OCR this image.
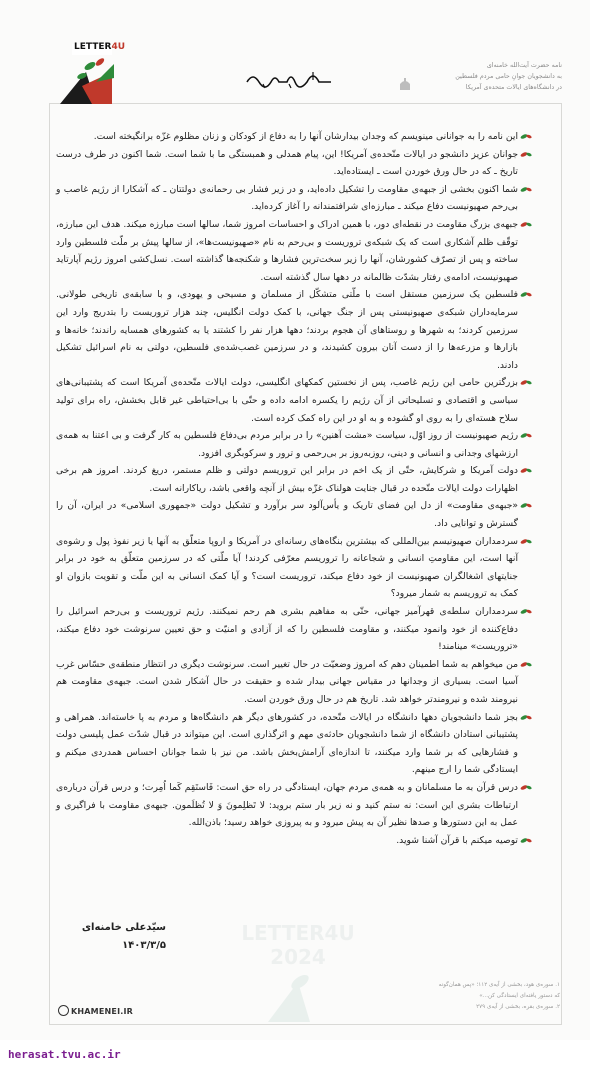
LETTER4U
نامه حضرت آیت‌الله خامنه‌ای
به دانشجویان جوانِ حامی مردم فلسطین
در دانشگاه‌های ایالات متحده‌ی آمریکا
این نامه را به جوانانی مینویسم که وجدان بیدارشان آنها را به دفاع از کودکان و زنان مظلوم غزّه برانگیخته است.
جوانان عزیز دانشجو در ایالات متّحده‌ی آمریکا! این، پیام همدلی و همبستگی ما با شما است. شما اکنون در طرف درست تاریخ ـ که در حال ورق خوردن است ـ ایستاده‌اید.
شما اکنون بخشی از جبهه‌ی مقاومت را تشکیل داده‌اید، و در زیر فشار بی رحمانه‌ی دولتتان ـ که آشکارا از رژیم غاصب و بی‌رحم صهیونیست دفاع میکند ـ مبارزه‌ای شرافتمندانه را آغاز کرده‌اید.
جبهه‌ی بزرگ مقاومت در نقطه‌ای دور، با همین ادراک و احساسات امروز شما، سالها است مبارزه میکند. هدف این مبارزه، توقّف ظلم آشکاری است که یک شبکه‌ی تروریست و بی‌رحم به نام «صهیونیست‌ها»، از سالها پیش بر ملّت فلسطین وارد ساخته و پس از تصرّف کشورشان، آنها را زیر سخت‌ترین فشارها و شکنجه‌ها گذاشته است. نسل‌کشی امروز رژیم آپارتاید صهیونیست، ادامه‌ی رفتار بشدّت ظالمانه در دهها سال گذشته است.
فلسطین یک سرزمین مستقل است با ملّتی متشکّل از مسلمان و مسیحی و یهودی، و با سابقه‌ی تاریخی طولانی. سرمایه‌داران شبکه‌ی صهیونیستی پس از جنگ جهانی، با کمک دولت انگلیس، چند هزار تروریست را بتدریج وارد این سرزمین کردند؛ به شهرها و روستاهای آن هجوم بردند؛ دهها هزار نفر را کشتند یا به کشورهای همسایه راندند؛ خانه‌ها و بازارها و مزرعه‌ها را از دست آنان بیرون کشیدند، و در سرزمین غصب‌شده‌ی فلسطین، دولتی به نام اسرائیل تشکیل دادند.
بزرگترین حامی این رژیم غاصب، پس از نخستین کمکهای انگلیسی، دولت ایالات متّحده‌ی آمریکا است که پشتیبانی‌های سیاسی و اقتصادی و تسلیحاتی از آن رژیم را یکسره ادامه داده و حتّی با بی‌احتیاطی غیر قابل بخشش، راه برای تولید سلاح هسته‌ای را به روی او گشوده و به او در این راه کمک کرده است.
رژیم صهیونیست از روز اوّل، سیاست «مشت آهنین» را در برابر مردم بی‌دفاع فلسطین به کار گرفت و بی اعتنا به همه‌ی ارزشهای وجدانی و انسانی و دینی، روزبه‌روز بر بی‌رحمی و ترور و سرکوبگری افزود.
دولت آمریکا و شرکایش، حتّی از یک اخم در برابر این تروریسم دولتی و ظلم مستمر، دریغ کردند. امروز هم برخی اظهارات دولت ایالات متّحده در قبال جنایت هولناک غزّه بیش از آنچه واقعی باشد، ریاکارانه است.
«جبهه‌ی مقاومت» از دل این فضای تاریک و یأس‌آلود سر برآورد و تشکیل دولت «جمهوری اسلامی» در ایران، آن را گسترش و توانایی داد.
سردمداران صهیونیسم بین‌المللی که بیشترین بنگاه‌های رسانه‌ای در آمریکا و اروپا متعلّق به آنها یا زیر نفوذ پول و رشوه‌ی آنها است، این مقاومتِ انسانی و شجاعانه را تروریسم معرّفی کردند! آیا ملّتی که در سرزمین متعلّق به خود در برابر جنایتهای اشغالگران صهیونیست از خود دفاع میکند، تروریست است؟ و آیا کمک انسانی به این ملّت و تقویت بازوان او کمک به تروریسم به شمار میرود؟
سردمداران سلطه‌ی قهرآمیز جهانی، حتّی به مفاهیم بشری هم رحم نمیکنند. رژیم تروریست و بی‌رحم اسرائیل را دفاع‌کننده از خود وانمود میکنند، و مقاومت فلسطین را که از آزادی و امنیّت و حق تعیین سرنوشت خود دفاع میکند، «تروریست» مینامند!
من میخواهم به شما اطمینان دهم که امروز وضعیّت در حال تغییر است. سرنوشت دیگری در انتظار منطقه‌ی حسّاس غرب آسیا است. بسیاری از وجدانها در مقیاس جهانی بیدار شده و حقیقت در حال آشکار شدن است. جبهه‌ی مقاومت هم نیرومند شده و نیرومندتر خواهد شد. تاریخ هم در حال ورق خوردن است.
بجز شما دانشجویان دهها دانشگاه در ایالات متّحده، در کشورهای دیگر هم دانشگاه‌ها و مردم به پا خاسته‌اند. همراهی و پشتیبانی استادان دانشگاه از شما دانشجویان حادثه‌ی مهم و اثرگذاری است. این میتواند در قبال شدّت عمل پلیسی دولت و فشارهایی که بر شما وارد میکنند، تا اندازه‌ای آرامش‌بخش باشد. من نیز با شما جوانان احساس همدردی میکنم و ایستادگی شما را ارج مینهم.
درس قرآن به ما مسلمانان و به همه‌ی مردم جهان، ایستادگی در راه حق است: فَاستَقِم کَما اُمِرت؛ و درس قرآن درباره‌ی ارتباطات بشری این است: نه ستم کنید و نه زیر بار ستم بروید: لا تَظلِمونَ وَ لا تُظلَمون. جبهه‌ی مقاومت با فراگیری و عمل به این دستورها و صدها نظیر آن به پیش میرود و به پیروزی خواهد رسید؛ باذن‌الله.
توصیه میکنم با قرآن آشنا شوید.
سیّدعلی خامنه‌ای
۱۴۰۳/۳/۵
LETTER4U
2024
۱. سوره‌ی هود، بخشی از آیه‌ی ۱۱۲؛ «پس همان‌گونه
که دستور یافته‌ای ایستادگی کن...»
۲. سوره‌ی بقره، بخشی از آیه‌ی ۲۷۹
KHAMENEI.IR
herasat.tvu.ac.ir
